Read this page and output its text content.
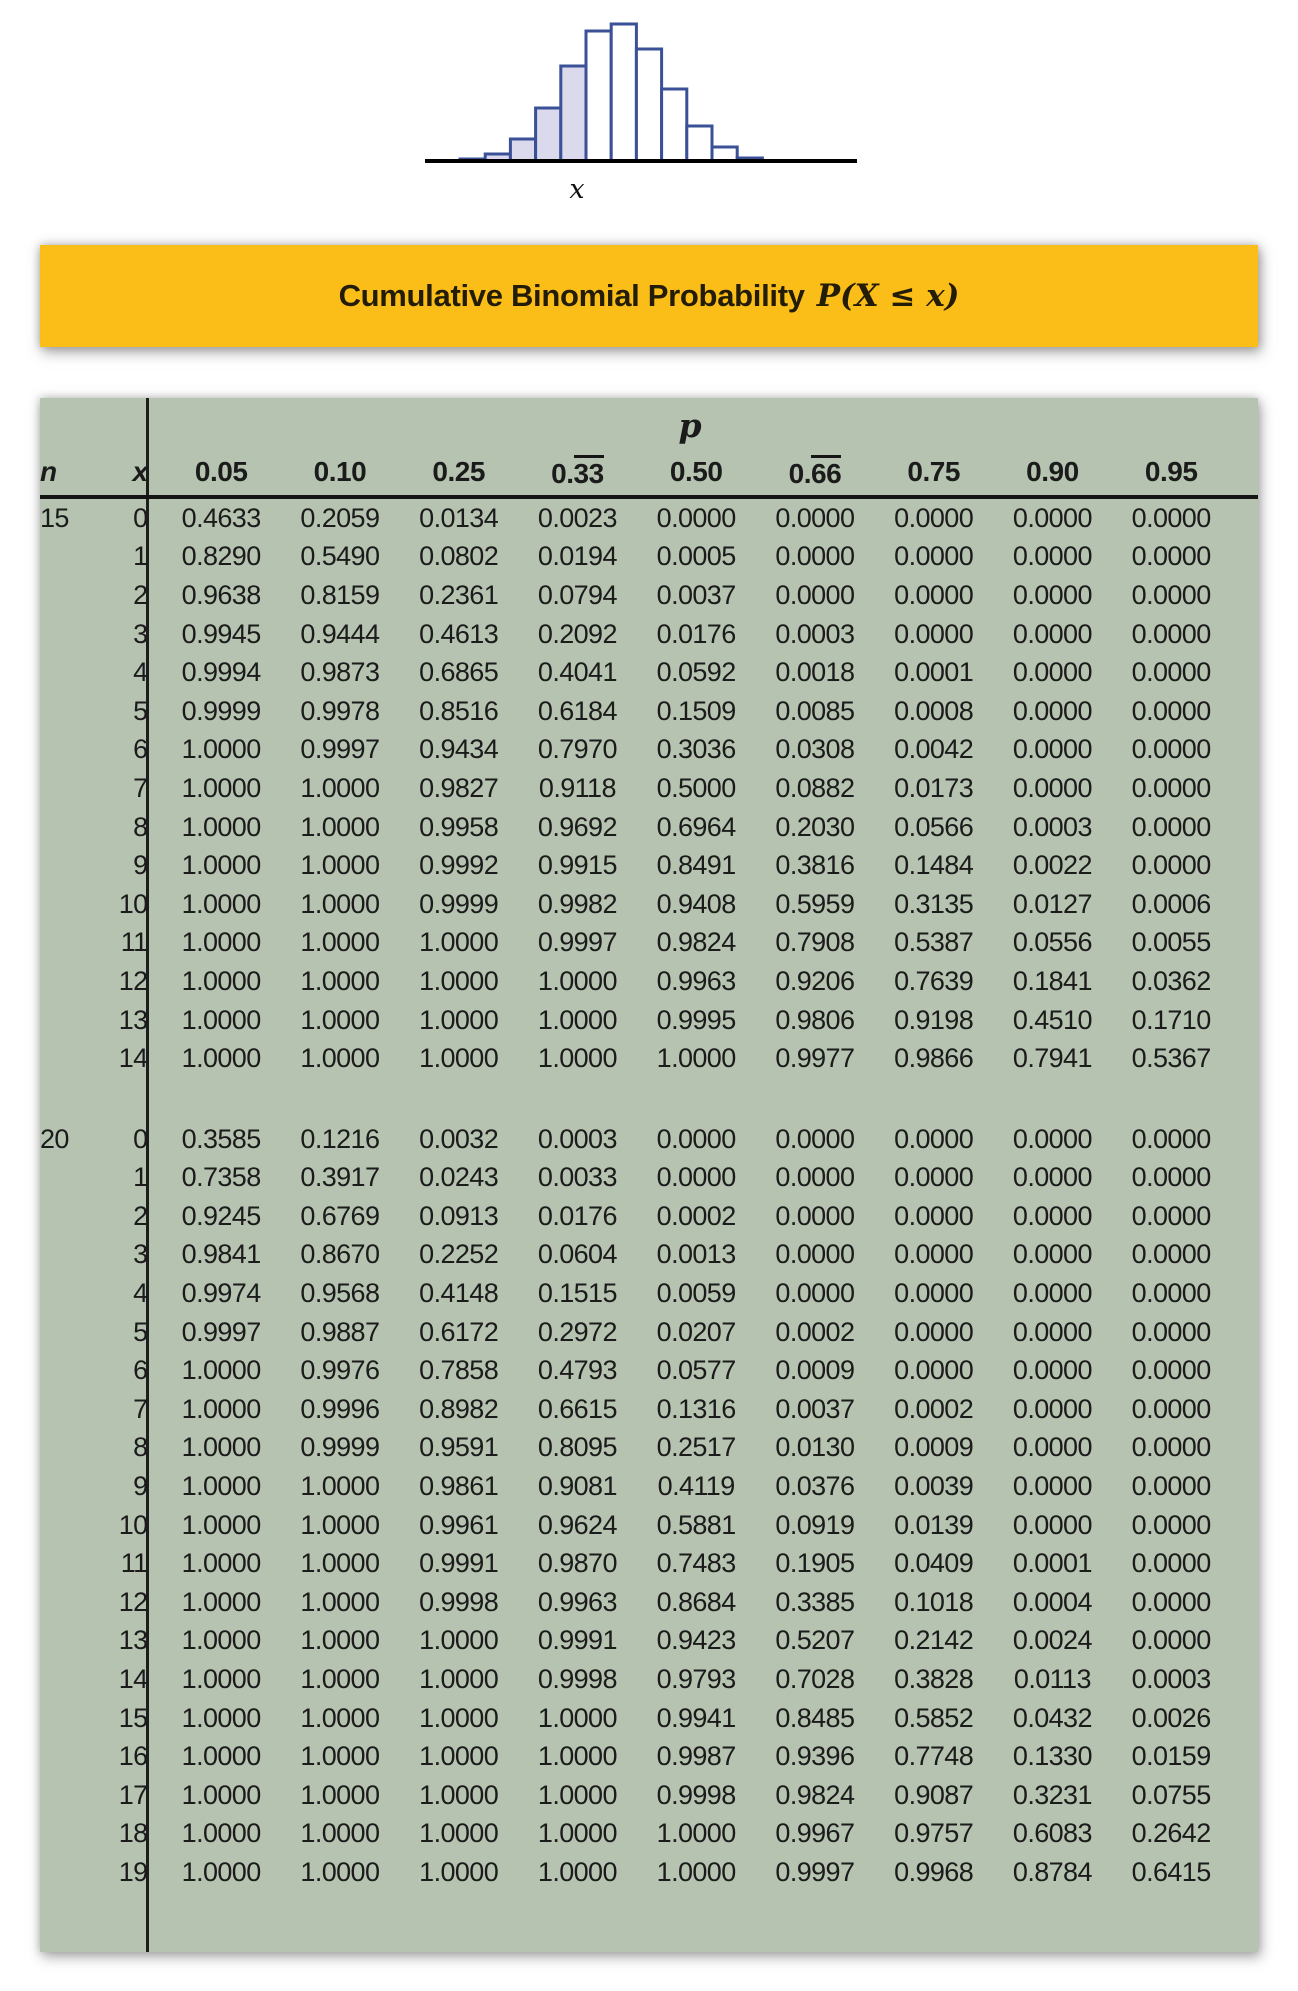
x
Cumulative Binomial Probability P(X ≤ x)
p
n	x		0.05	0.10	0.25	0.33	0.50	0.66	0.75	0.90	0.95	
15	0		0.4633	0.2059	0.0134	0.0023	0.0000	0.0000	0.0000	0.0000	0.0000	
	1		0.8290	0.5490	0.0802	0.0194	0.0005	0.0000	0.0000	0.0000	0.0000	
	2		0.9638	0.8159	0.2361	0.0794	0.0037	0.0000	0.0000	0.0000	0.0000	
	3		0.9945	0.9444	0.4613	0.2092	0.0176	0.0003	0.0000	0.0000	0.0000	
	4		0.9994	0.9873	0.6865	0.4041	0.0592	0.0018	0.0001	0.0000	0.0000	
	5		0.9999	0.9978	0.8516	0.6184	0.1509	0.0085	0.0008	0.0000	0.0000	
	6		1.0000	0.9997	0.9434	0.7970	0.3036	0.0308	0.0042	0.0000	0.0000	
	7		1.0000	1.0000	0.9827	0.9118	0.5000	0.0882	0.0173	0.0000	0.0000	
	8		1.0000	1.0000	0.9958	0.9692	0.6964	0.2030	0.0566	0.0003	0.0000	
	9		1.0000	1.0000	0.9992	0.9915	0.8491	0.3816	0.1484	0.0022	0.0000	
	10		1.0000	1.0000	0.9999	0.9982	0.9408	0.5959	0.3135	0.0127	0.0006	
	11		1.0000	1.0000	1.0000	0.9997	0.9824	0.7908	0.5387	0.0556	0.0055	
	12		1.0000	1.0000	1.0000	1.0000	0.9963	0.9206	0.7639	0.1841	0.0362	
	13		1.0000	1.0000	1.0000	1.0000	0.9995	0.9806	0.9198	0.4510	0.1710	
	14		1.0000	1.0000	1.0000	1.0000	1.0000	0.9977	0.9866	0.7941	0.5367	

20	0		0.3585	0.1216	0.0032	0.0003	0.0000	0.0000	0.0000	0.0000	0.0000	
	1		0.7358	0.3917	0.0243	0.0033	0.0000	0.0000	0.0000	0.0000	0.0000	
	2		0.9245	0.6769	0.0913	0.0176	0.0002	0.0000	0.0000	0.0000	0.0000	
	3		0.9841	0.8670	0.2252	0.0604	0.0013	0.0000	0.0000	0.0000	0.0000	
	4		0.9974	0.9568	0.4148	0.1515	0.0059	0.0000	0.0000	0.0000	0.0000	
	5		0.9997	0.9887	0.6172	0.2972	0.0207	0.0002	0.0000	0.0000	0.0000	
	6		1.0000	0.9976	0.7858	0.4793	0.0577	0.0009	0.0000	0.0000	0.0000	
	7		1.0000	0.9996	0.8982	0.6615	0.1316	0.0037	0.0002	0.0000	0.0000	
	8		1.0000	0.9999	0.9591	0.8095	0.2517	0.0130	0.0009	0.0000	0.0000	
	9		1.0000	1.0000	0.9861	0.9081	0.4119	0.0376	0.0039	0.0000	0.0000	
	10		1.0000	1.0000	0.9961	0.9624	0.5881	0.0919	0.0139	0.0000	0.0000	
	11		1.0000	1.0000	0.9991	0.9870	0.7483	0.1905	0.0409	0.0001	0.0000	
	12		1.0000	1.0000	0.9998	0.9963	0.8684	0.3385	0.1018	0.0004	0.0000	
	13		1.0000	1.0000	1.0000	0.9991	0.9423	0.5207	0.2142	0.0024	0.0000	
	14		1.0000	1.0000	1.0000	0.9998	0.9793	0.7028	0.3828	0.0113	0.0003	
	15		1.0000	1.0000	1.0000	1.0000	0.9941	0.8485	0.5852	0.0432	0.0026	
	16		1.0000	1.0000	1.0000	1.0000	0.9987	0.9396	0.7748	0.1330	0.0159	
	17		1.0000	1.0000	1.0000	1.0000	0.9998	0.9824	0.9087	0.3231	0.0755	
	18		1.0000	1.0000	1.0000	1.0000	1.0000	0.9967	0.9757	0.6083	0.2642	
	19		1.0000	1.0000	1.0000	1.0000	1.0000	0.9997	0.9968	0.8784	0.6415	
